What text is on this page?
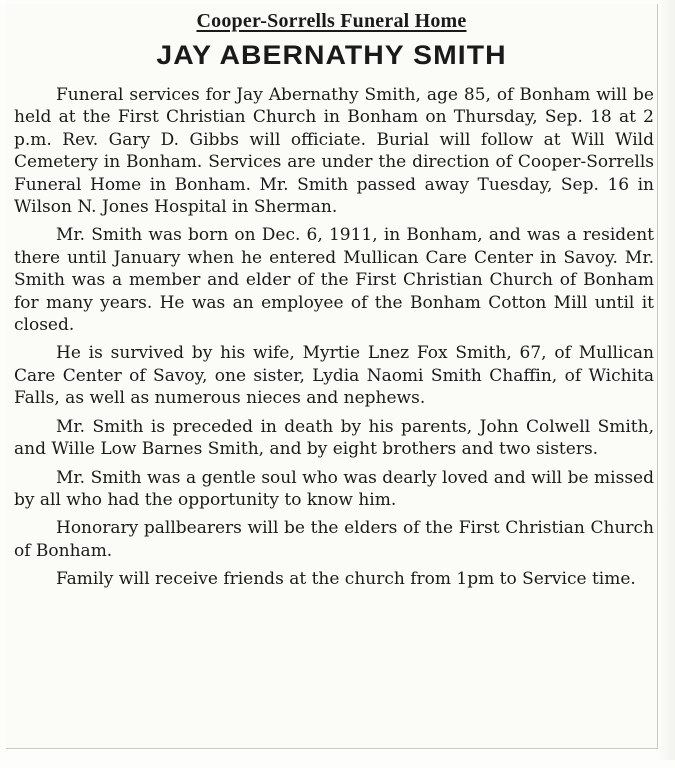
Cooper-Sorrells Funeral Home
JAY ABERNATHY SMITH

Funeral services for Jay Abernathy Smith, age 85, of Bonham will be held at the First Christian Church in Bonham on Thursday, Sep. 18 at 2 p.m. Rev. Gary D. Gibbs will officiate. Burial will follow at Will Wild Cemetery in Bonham. Services are under the direction of Cooper-Sorrells Funeral Home in Bonham. Mr. Smith passed away Tuesday, Sep. 16 in Wilson N. Jones Hospital in Sherman.

Mr. Smith was born on Dec. 6, 1911, in Bonham, and was a resident there until January when he entered Mullican Care Center in Savoy. Mr. Smith was a member and elder of the First Christian Church of Bonham for many years. He was an employee of the Bonham Cotton Mill until it closed.

He is survived by his wife, Myrtie Lnez Fox Smith, 67, of Mullican Care Center of Savoy, one sister, Lydia Naomi Smith Chaffin, of Wichita Falls, as well as numerous nieces and nephews.

Mr. Smith is preceded in death by his parents, John Colwell Smith, and Wille Low Barnes Smith, and by eight brothers and two sisters.

Mr. Smith was a gentle soul who was dearly loved and will be missed by all who had the opportunity to know him.

Honorary pallbearers will be the elders of the First Christian Church of Bonham.

Family will receive friends at the church from 1pm to Service time.
